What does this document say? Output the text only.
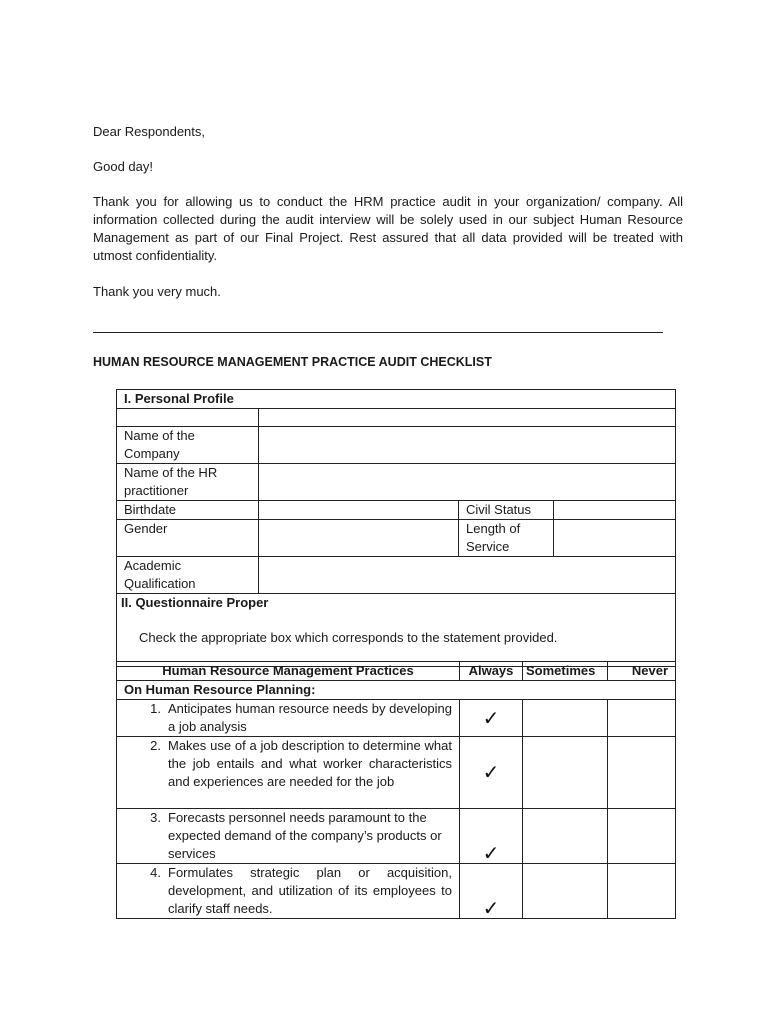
Dear Respondents,

Good day!

Thank you for allowing us to conduct the HRM practice audit in your organization/ company. All information collected during the audit interview will be solely used in our subject Human Resource Management as part of our Final Project. Rest assured that all data provided will be treated with utmost confidentiality.

Thank you very much.

HUMAN RESOURCE MANAGEMENT PRACTICE AUDIT CHECKLIST

I. Personal Profile			

Name of the Company			
Name of the HR practitioner			
Birthdate		Civil Status	
Gender		Length of Service	
Academic Qualification			

II. Questionnaire Proper
Check the appropriate box which corresponds to the statement provided.			
Human Resource Management Practices	Always	Sometimes	Never
On Human Resource Planning:			

1. Anticipates human resource needs by developing a job analysis	✓		

2. Makes use of a job description to determine what the job entails and what worker characteristics and experiences are needed for the job	✓		

3. Forecasts personnel needs paramount to the expected demand of the company’s products or services	✓		

4. Formulates strategic plan or acquisition, development, and utilization of its employees to clarify staff needs.	✓		
